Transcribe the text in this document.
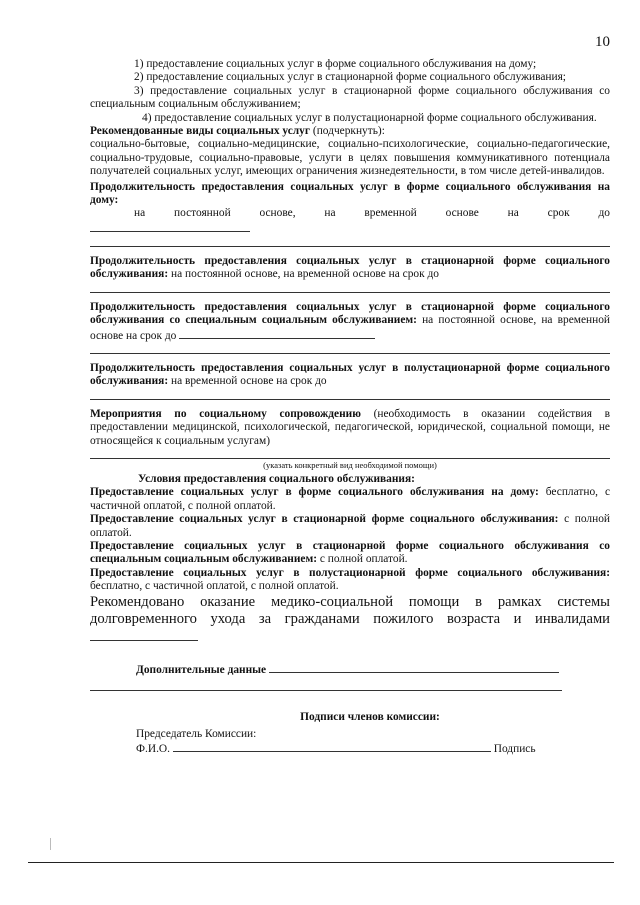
10

1) предоставление социальных услуг в форме социального обслуживания на дому;

2) предоставление социальных услуг в стационарной форме социального обслуживания;

3) предоставление социальных услуг в стационарной форме социального обслуживания со специальным социальным обслуживанием;

4) предоставление социальных услуг в полустационарной форме социального обслуживания.

Рекомендованные виды социальных услуг (подчеркнуть):

социально-бытовые, социально-медицинские, социально-психологические, социально-педагогические, социально-трудовые, социально-правовые, услуги в целях повышения коммуникативного потенциала получателей социальных услуг, имеющих ограничения жизнедеятельности, в том числе детей-инвалидов.

Продолжительность предоставления социальных услуг в форме социального обслуживания на дому:

на постоянной основе, на временной основе на срок до

Продолжительность предоставления социальных услуг в стационарной форме социального обслуживания: на постоянной основе, на временной основе на срок до

Продолжительность предоставления социальных услуг в стационарной форме социального обслуживания со специальным социальным обслуживанием: на постоянной основе, на временной основе на срок до

Продолжительность предоставления социальных услуг в полустационарной форме социального обслуживания: на временной основе на срок до

Мероприятия по социальному сопровождению (необходимость в оказании содействия в предоставлении медицинской, психологической, педагогической, юридической, социальной помощи, не относящейся к социальным услугам)

(указать конкретный вид необходимой помощи)

Условия предоставления социального обслуживания:

Предоставление социальных услуг в форме социального обслуживания на дому: бесплатно, с частичной оплатой, с полной оплатой.

Предоставление социальных услуг в стационарной форме социального обслуживания: с полной оплатой.

Предоставление социальных услуг в стационарной форме социального обслуживания со специальным социальным обслуживанием: с полной оплатой.

Предоставление социальных услуг в полустационарной форме социального обслуживания: бесплатно, с частичной оплатой, с полной оплатой.

Рекомендовано оказание медико-социальной помощи в рамках системы долговременного ухода за гражданами пожилого возраста и инвалидами

Дополнительные данные

Подписи членов комиссии:

Председатель Комиссии:

Ф.И.О.	Подпись
